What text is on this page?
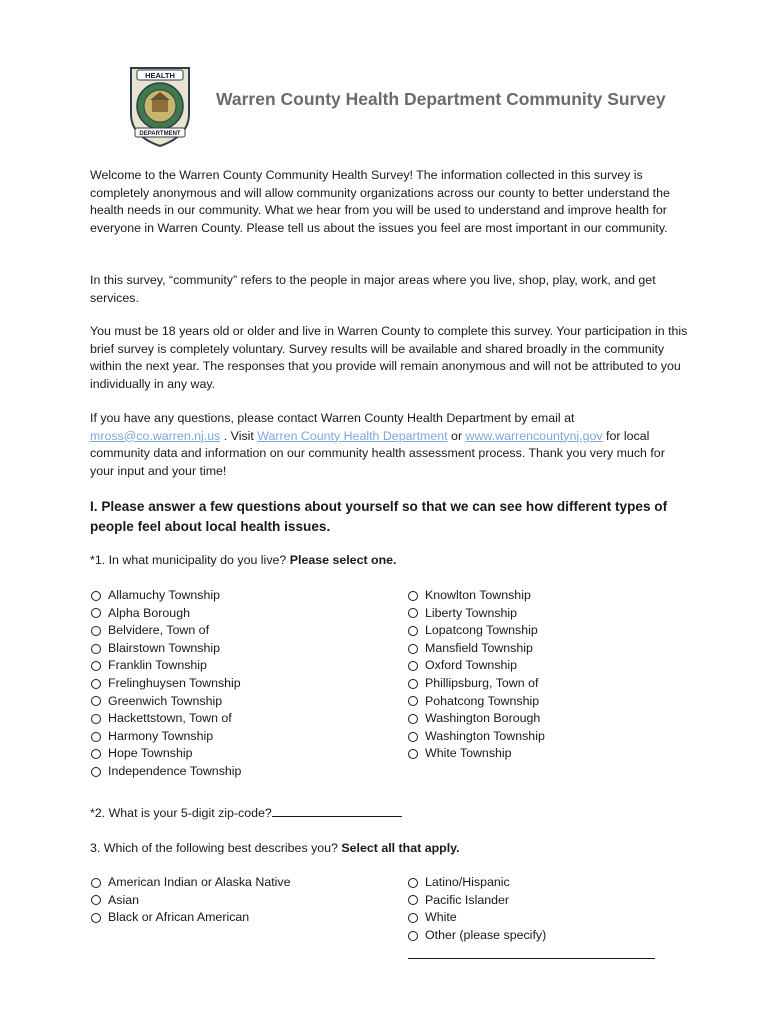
HEALTH
DEPARTMENT
Warren County Health Department Community Survey

Welcome to the Warren County Community Health Survey! The information collected in this survey is completely anonymous and will allow community organizations across our county to better understand the health needs in our community. What we hear from you will be used to understand and improve health for everyone in Warren County. Please tell us about the issues you feel are most important in our community.

In this survey, “community” refers to the people in major areas where you live, shop, play, work, and get services.

You must be 18 years old or older and live in Warren County to complete this survey. Your participation in this brief survey is completely voluntary. Survey results will be available and shared broadly in the community within the next year. The responses that you provide will remain anonymous and will not be attributed to you individually in any way.

If you have any questions, please contact Warren County Health Department by email at mross@co.warren.nj.us . Visit Warren County Health Department or www.warrencountynj.gov for local community data and information on our community health assessment process. Thank you very much for your input and your time!

I. Please answer a few questions about yourself so that we can see how different types of people feel about local health issues.

*1. In what municipality do you live? Please select one.

Allamuchy Township
Alpha Borough
Belvidere, Town of
Blairstown Township
Franklin Township
Frelinghuysen Township
Greenwich Township
Hackettstown, Town of
Harmony Township
Hope Township
Independence Township
Knowlton Township
Liberty Township
Lopatcong Township
Mansfield Township
Oxford Township
Phillipsburg, Town of
Pohatcong Township
Washington Borough
Washington Township
White Township

*2. What is your 5-digit zip-code?

3. Which of the following best describes you? Select all that apply.

American Indian or Alaska Native
Asian
Black or African American
Latino/Hispanic
Pacific Islander
White
Other (please specify)
